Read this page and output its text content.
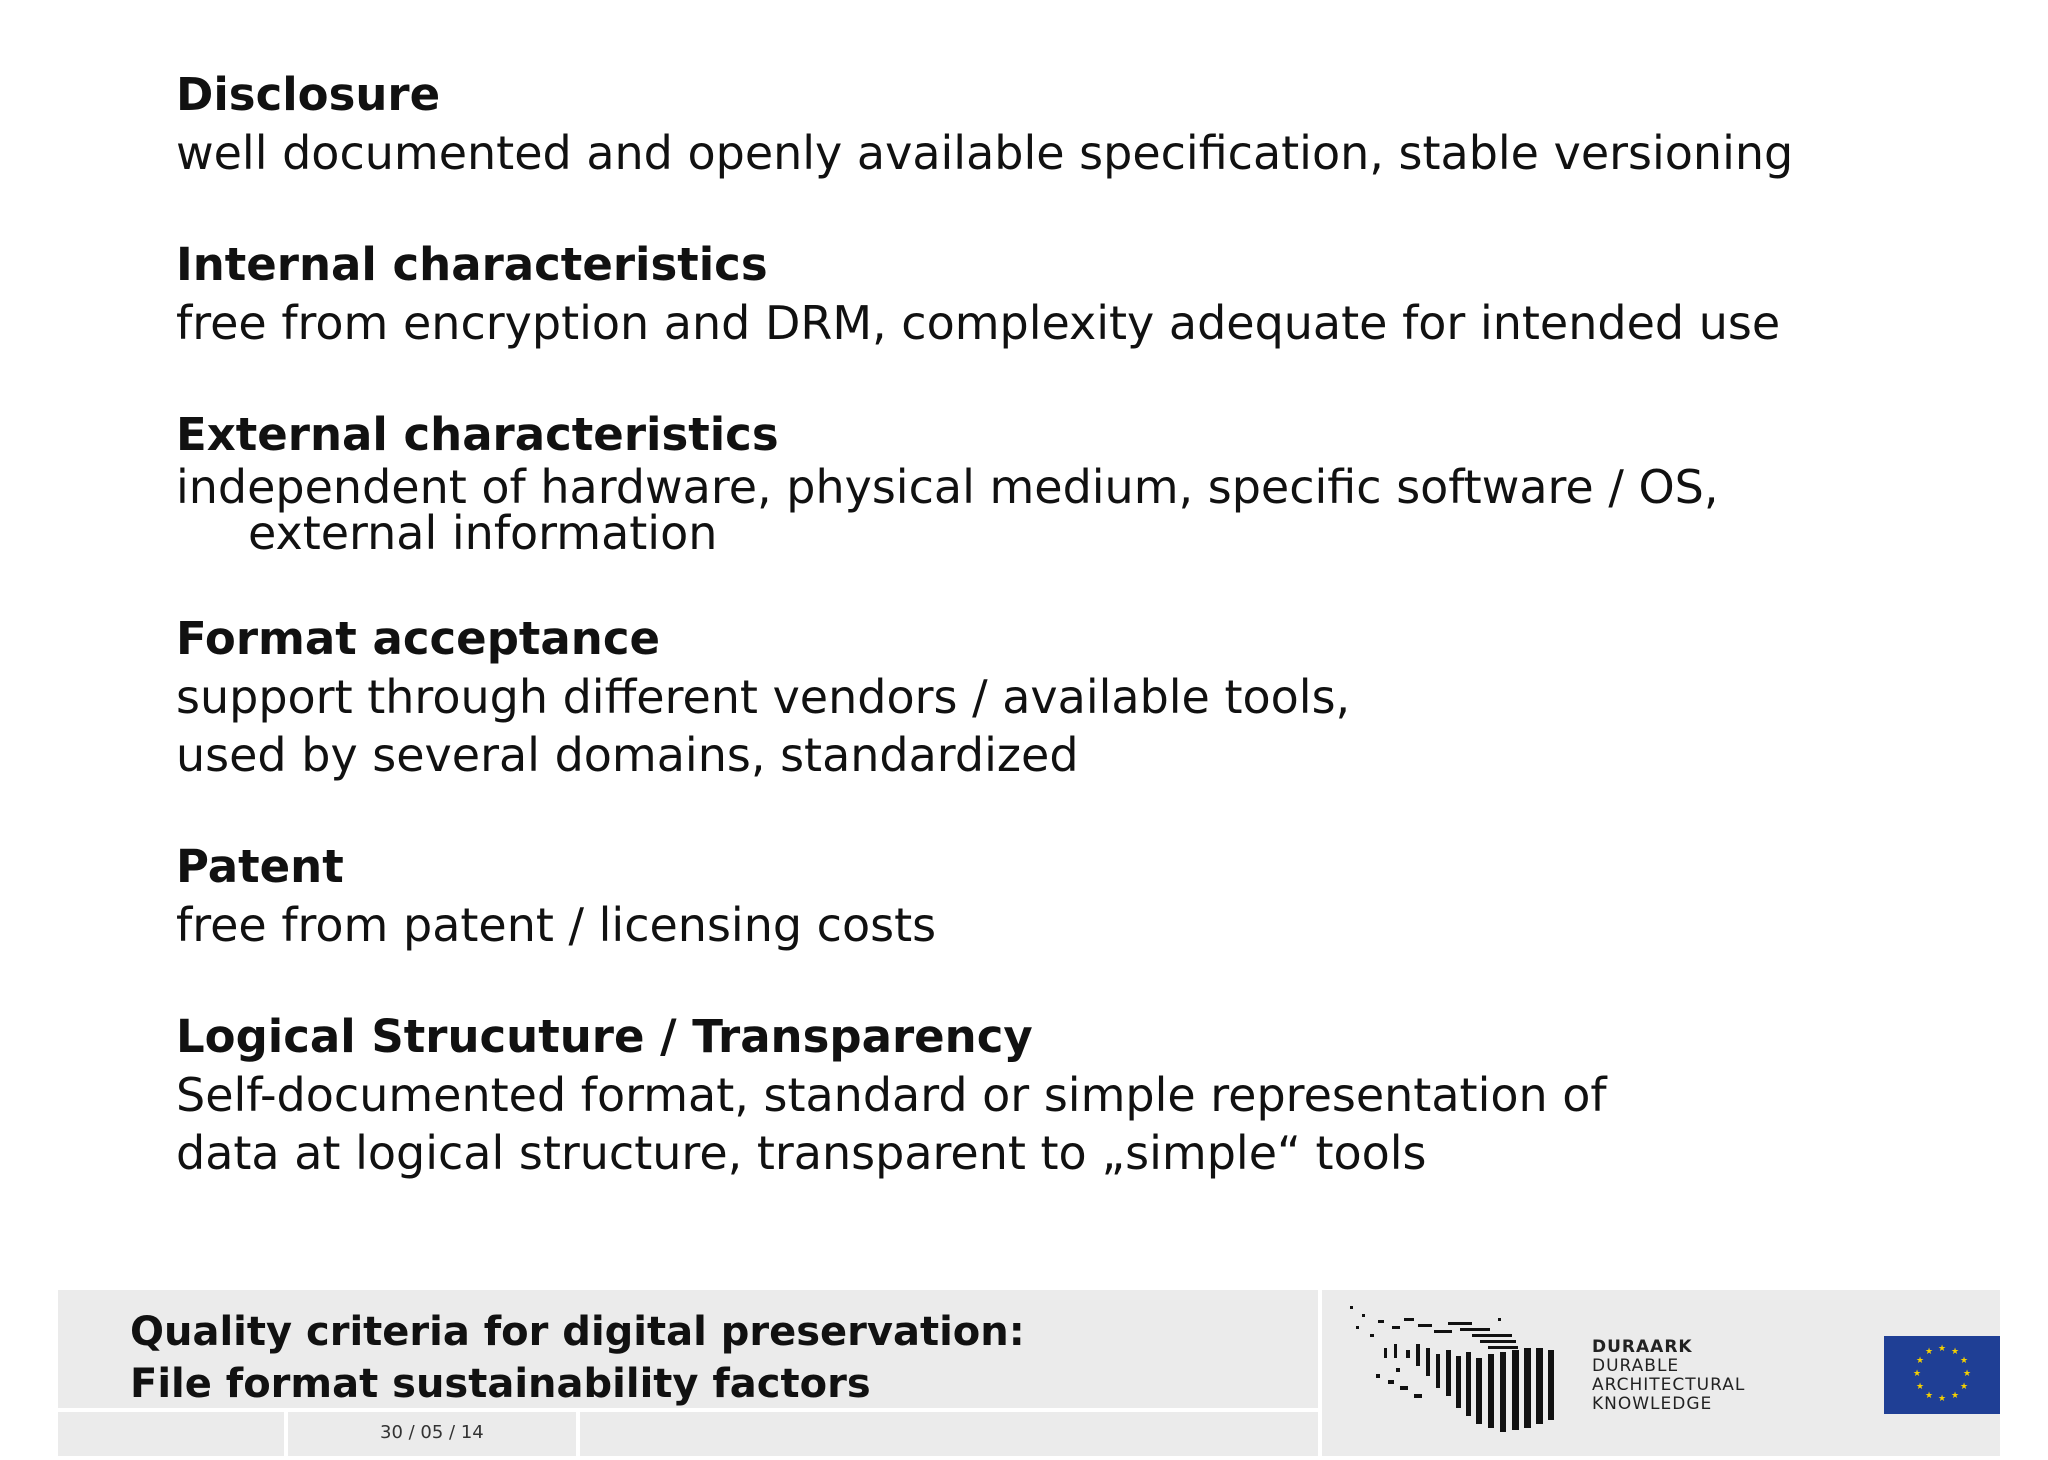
Disclosure

well documented and openly available specification, stable versioning

Internal characteristics

free from encryption and DRM, complexity adequate for intended use

External characteristics

independent of hardware, physical medium, specific software / OS, external information

Format acceptance

support through different vendors / available tools,
used by several domains, standardized

Patent

free from patent / licensing costs

Logical Strucuture / Transparency

Self-documented format, standard or simple representation of
data at logical structure, transparent to „simple“ tools

Quality criteria for digital preservation:
File format sustainability factors
30 / 05 / 14
DURAARK
DURABLE
ARCHITECTURAL
KNOWLEDGE
★ ★
★
★
★
★
★
★
★
★
★
★
